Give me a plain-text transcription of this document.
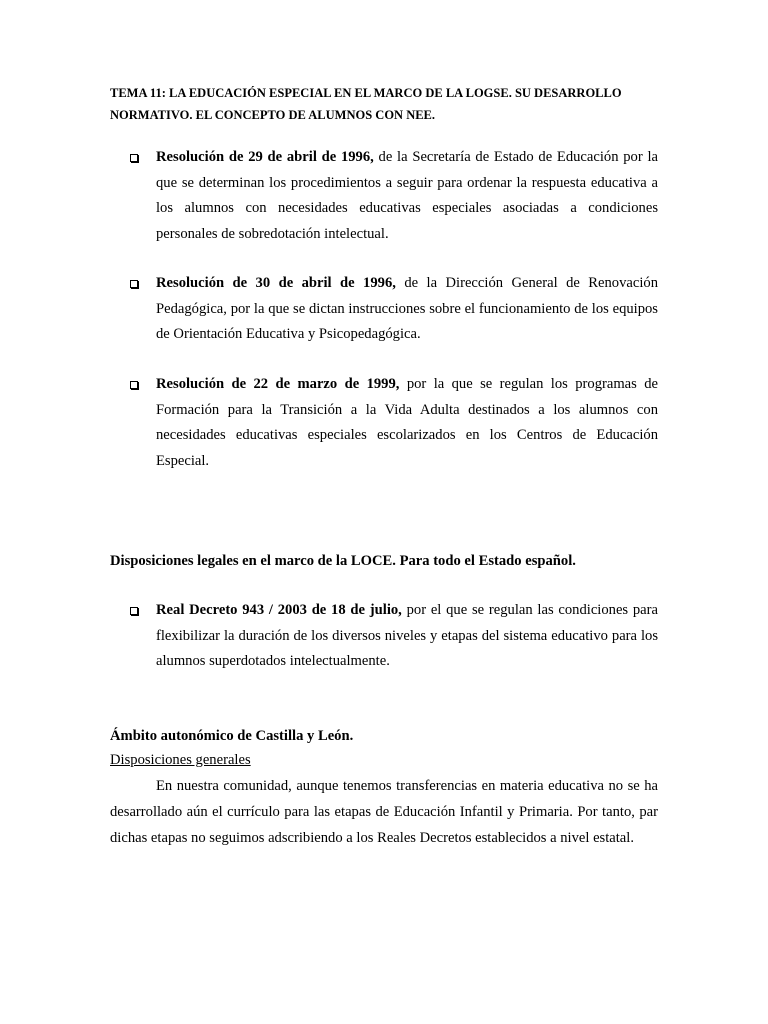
TEMA 11: LA EDUCACIÓN ESPECIAL EN EL MARCO DE LA LOGSE. SU DESARROLLO
NORMATIVO. EL CONCEPTO DE ALUMNOS CON NEE.
Resolución de 29 de abril de 1996, de la Secretaría de Estado de Educación por la que se determinan los procedimientos a seguir para ordenar la respuesta educativa a los alumnos con necesidades educativas especiales asociadas a condiciones personales de sobredotación intelectual.
Resolución de 30 de abril de 1996, de la Dirección General de Renovación Pedagógica, por la que se dictan instrucciones sobre el funcionamiento de los equipos de Orientación Educativa y Psicopedagógica.
Resolución de 22 de marzo de 1999, por la que se regulan los programas de Formación para la Transición a la Vida Adulta destinados a los alumnos con necesidades educativas especiales escolarizados en los Centros de Educación Especial.
Disposiciones legales en el marco de la LOCE. Para todo el Estado español.
Real Decreto 943 / 2003 de 18 de julio, por el que se regulan las condiciones para flexibilizar la duración de los diversos niveles y etapas del sistema educativo para los alumnos superdotados intelectualmente.
Ámbito autonómico de Castilla y León.
Disposiciones generales
En nuestra comunidad, aunque tenemos transferencias en materia educativa no se ha desarrollado aún el currículo para las etapas de Educación Infantil y Primaria. Por tanto, par dichas etapas no seguimos adscribiendo a los Reales Decretos establecidos a nivel estatal.
